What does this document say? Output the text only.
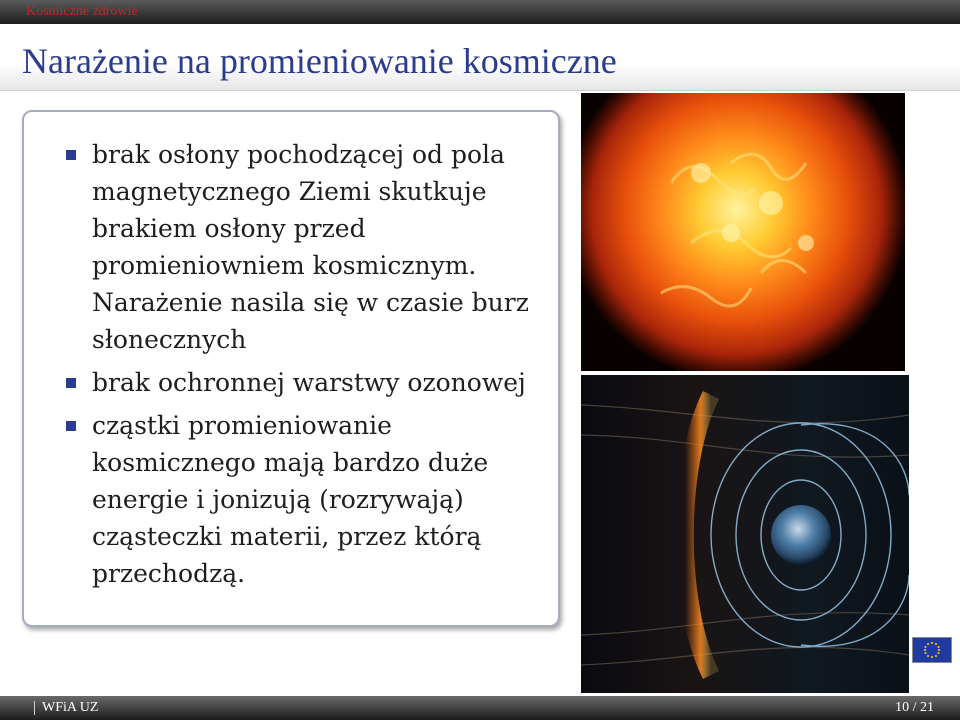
Kosmiczne zdrowie
Narażenie na promieniowanie kosmiczne
brak osłony pochodzącej od pola magnetycznego Ziemi skutkuje brakiem osłony przed promieniowniem kosmicznym. Narażenie nasila się w czasie burz słonecznych
brak ochronnej warstwy ozonowej
cząstki promieniowanie kosmicznego mają bardzo duże energie i jonizują (rozrywają) cząsteczki materii, przez którą przechodzą.
WFiA UZ	10 / 21
